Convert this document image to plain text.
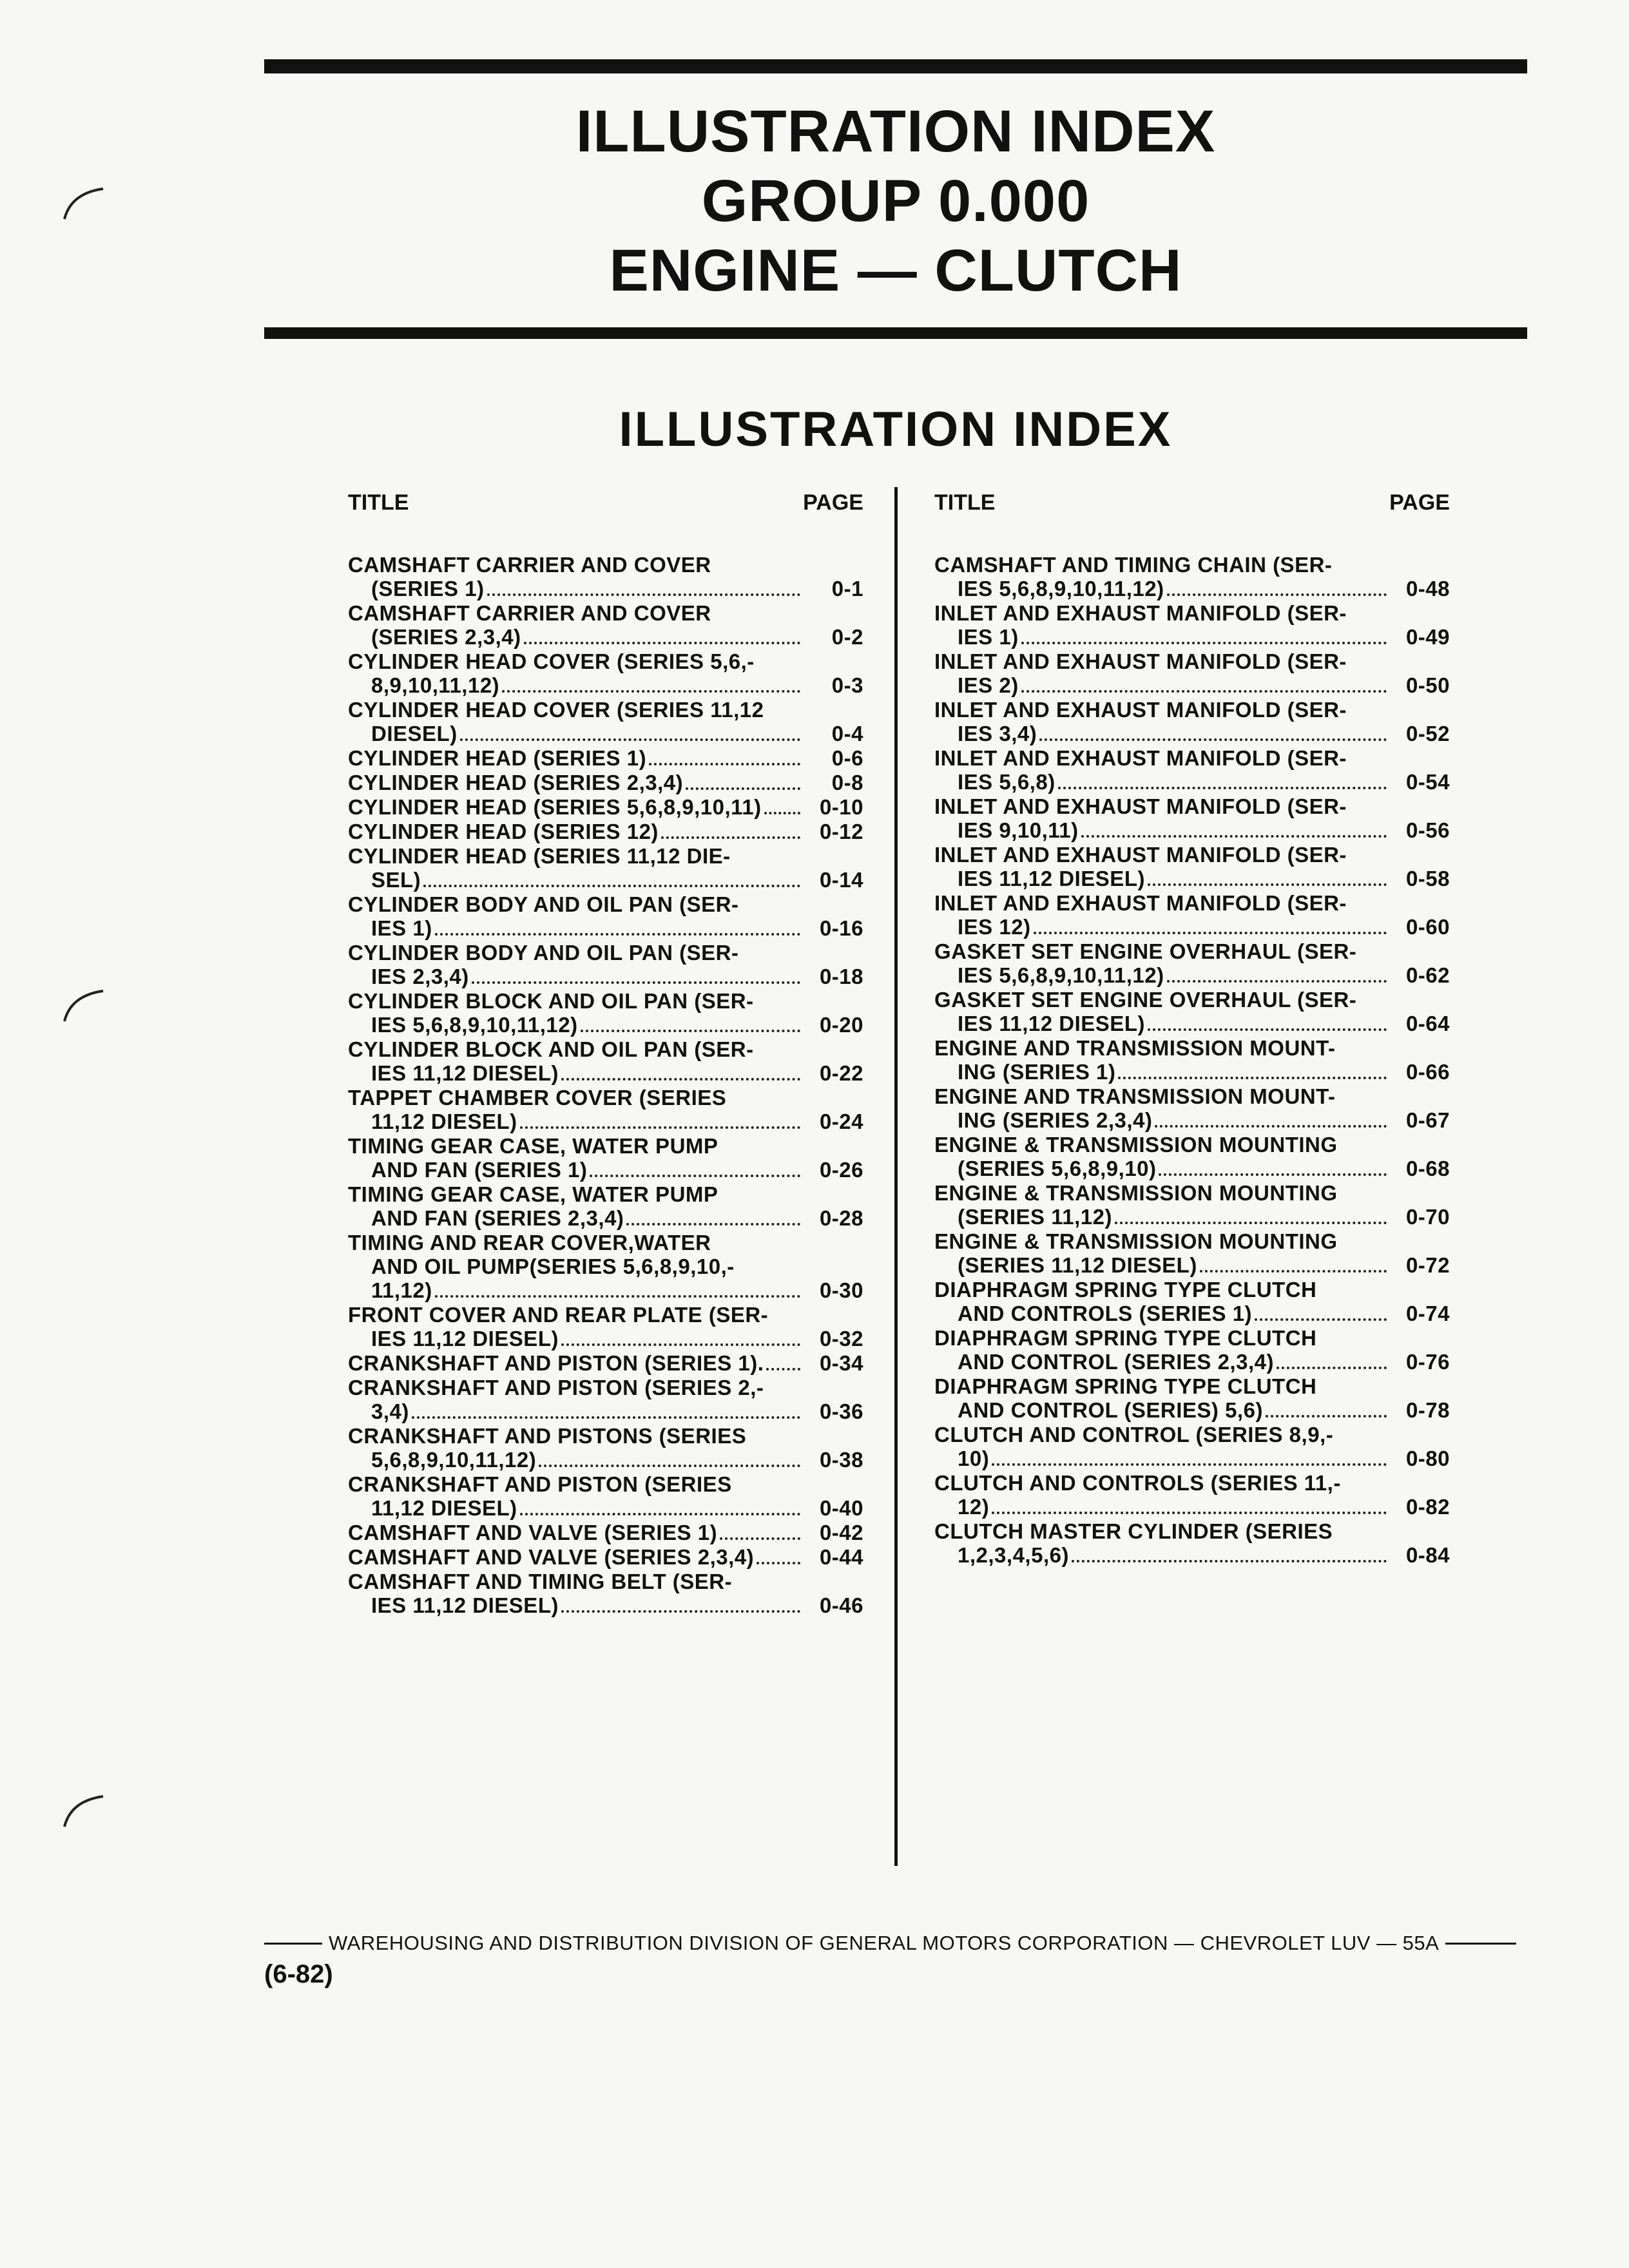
ILLUSTRATION INDEX
GROUP 0.000
ENGINE — CLUTCH
ILLUSTRATION INDEX
TITLE	PAGE
CAMSHAFT CARRIER AND COVER
(SERIES 1)	0-1
CAMSHAFT CARRIER AND COVER
(SERIES 2,3,4)	0-2
CYLINDER HEAD COVER (SERIES 5,6,-
8,9,10,11,12)	0-3
CYLINDER HEAD COVER (SERIES 11,12
DIESEL)	0-4
CYLINDER HEAD (SERIES 1)	0-6
CYLINDER HEAD (SERIES 2,3,4)	0-8
CYLINDER HEAD (SERIES 5,6,8,9,10,11)	0-10
CYLINDER HEAD (SERIES 12)	0-12
CYLINDER HEAD (SERIES 11,12 DIE-
SEL)	0-14
CYLINDER BODY AND OIL PAN (SER-
IES 1)	0-16
CYLINDER BODY AND OIL PAN (SER-
IES 2,3,4)	0-18
CYLINDER BLOCK AND OIL PAN (SER-
IES 5,6,8,9,10,11,12)	0-20
CYLINDER BLOCK AND OIL PAN (SER-
IES 11,12 DIESEL)	0-22
TAPPET CHAMBER COVER (SERIES
11,12 DIESEL)	0-24
TIMING GEAR CASE, WATER PUMP
AND FAN (SERIES 1)	0-26
TIMING GEAR CASE, WATER PUMP
AND FAN (SERIES 2,3,4)	0-28
TIMING AND REAR COVER,WATER
AND OIL PUMP(SERIES 5,6,8,9,10,-
11,12)	0-30
FRONT COVER AND REAR PLATE (SER-
IES 11,12 DIESEL)	0-32
CRANKSHAFT AND PISTON (SERIES 1).	0-34
CRANKSHAFT AND PISTON (SERIES 2,-
3,4)	0-36
CRANKSHAFT AND PISTONS (SERIES
5,6,8,9,10,11,12)	0-38
CRANKSHAFT AND PISTON (SERIES
11,12 DIESEL)	0-40
CAMSHAFT AND VALVE (SERIES 1)	0-42
CAMSHAFT AND VALVE (SERIES 2,3,4)	0-44
CAMSHAFT AND TIMING BELT (SER-
IES 11,12 DIESEL)	0-46
TITLE	PAGE
CAMSHAFT AND TIMING CHAIN (SER-
IES 5,6,8,9,10,11,12)	0-48
INLET AND EXHAUST MANIFOLD (SER-
IES 1)	0-49
INLET AND EXHAUST MANIFOLD (SER-
IES 2)	0-50
INLET AND EXHAUST MANIFOLD (SER-
IES 3,4)	0-52
INLET AND EXHAUST MANIFOLD (SER-
IES 5,6,8)	0-54
INLET AND EXHAUST MANIFOLD (SER-
IES 9,10,11)	0-56
INLET AND EXHAUST MANIFOLD (SER-
IES 11,12 DIESEL)	0-58
INLET AND EXHAUST MANIFOLD (SER-
IES 12)	0-60
GASKET SET ENGINE OVERHAUL (SER-
IES 5,6,8,9,10,11,12)	0-62
GASKET SET ENGINE OVERHAUL (SER-
IES 11,12 DIESEL)	0-64
ENGINE AND TRANSMISSION MOUNT-
ING (SERIES 1)	0-66
ENGINE AND TRANSMISSION MOUNT-
ING (SERIES 2,3,4)	0-67
ENGINE & TRANSMISSION MOUNTING
(SERIES 5,6,8,9,10)	0-68
ENGINE & TRANSMISSION MOUNTING
(SERIES 11,12)	0-70
ENGINE & TRANSMISSION MOUNTING
(SERIES 11,12 DIESEL)	0-72
DIAPHRAGM SPRING TYPE CLUTCH
AND CONTROLS (SERIES 1)	0-74
DIAPHRAGM SPRING TYPE CLUTCH
AND CONTROL (SERIES 2,3,4)	0-76
DIAPHRAGM SPRING TYPE CLUTCH
AND CONTROL (SERIES) 5,6)	0-78
CLUTCH AND CONTROL (SERIES 8,9,-
10)	0-80
CLUTCH AND CONTROLS (SERIES 11,-
12)	0-82
CLUTCH MASTER CYLINDER (SERIES
1,2,3,4,5,6)	0-84
WAREHOUSING AND DISTRIBUTION DIVISION OF GENERAL MOTORS CORPORATION — CHEVROLET LUV — 55A
(6-82)
